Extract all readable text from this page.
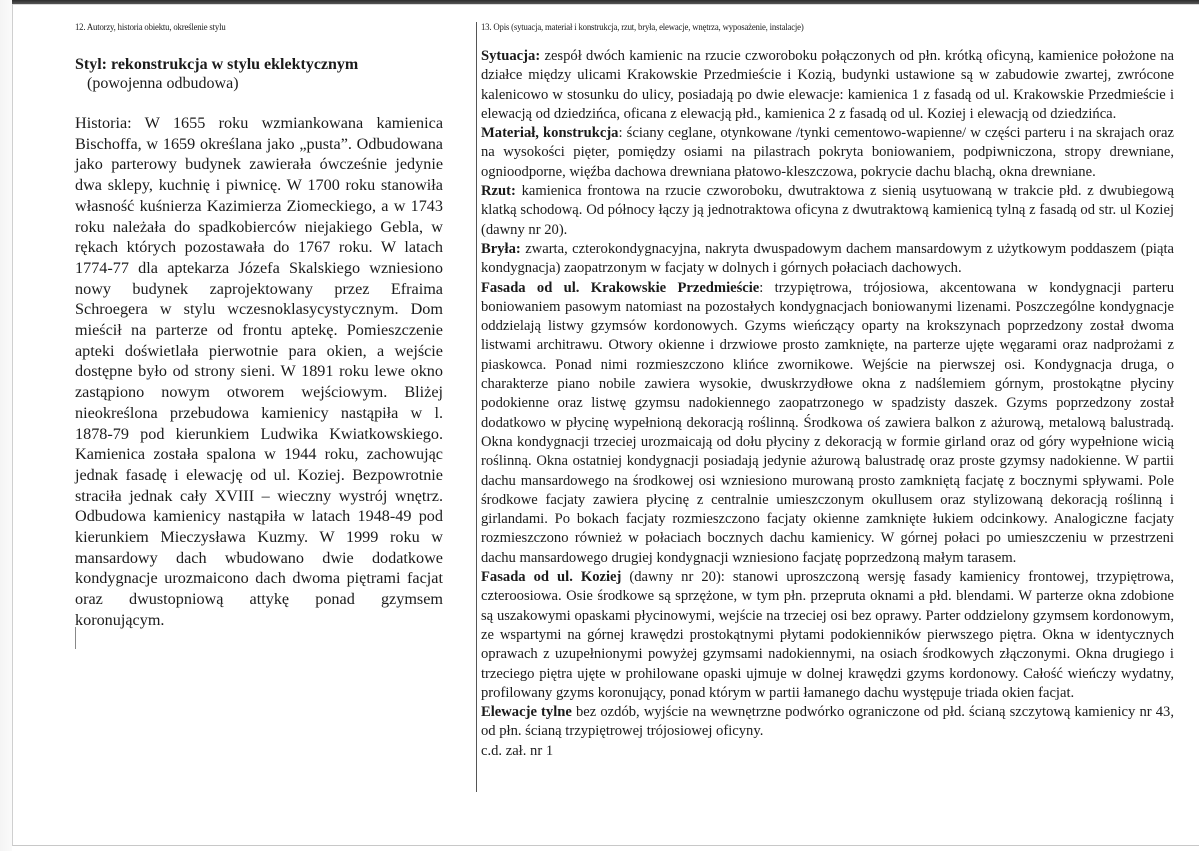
12. Autorzy, historia obiektu, określenie stylu
Styl: rekonstrukcja w stylu eklektycznym
(powojenna odbudowa)
Historia: W 1655 roku wzmiankowana kamienica Bischoffa, w 1659 określana jako „pusta”. Odbudowana jako parterowy budynek zawierała ówcześnie jedynie dwa sklepy, kuchnię i piwnicę. W 1700 roku stanowiła własność kuśnierza Kazimierza Ziomeckiego, a w 1743 roku należała do spadkobierców niejakiego Gebla, w rękach których pozostawała do 1767 roku. W latach 1774-77 dla aptekarza Józefa Skalskiego wzniesiono nowy budynek zaprojektowany przez Efraima Schroegera w stylu wczesnoklasycystycznym. Dom mieścił na parterze od frontu aptekę. Pomieszczenie apteki doświetlała pierwotnie para okien, a wejście dostępne było od strony sieni. W 1891 roku lewe okno zastąpiono nowym otworem wejściowym. Bliżej nieokreślona przebudowa kamienicy nastąpiła w l. 1878-79 pod kierunkiem Ludwika Kwiatkowskiego. Kamienica została spalona w 1944 roku, zachowując jednak fasadę i elewację od ul. Koziej. Bezpowrotnie straciła jednak cały XVIII – wieczny wystrój wnętrz. Odbudowa kamienicy nastąpiła w latach 1948-49 pod kierunkiem Mieczysława Kuzmy. W 1999 roku w mansardowy dach wbudowano dwie dodatkowe kondygnacje urozmaicono dach dwoma piętrami facjat oraz dwustopniową attykę ponad gzymsem koronującym.
13. Opis (sytuacja, materiał i konstrukcja, rzut, bryła, elewacje, wnętrza, wyposażenie, instalacje)

Sytuacja: zespół dwóch kamienic na rzucie czworoboku połączonych od płn. krótką oficyną, kamienice położone na działce między ulicami Krakowskie Przedmieście i Kozią, budynki ustawione są w zabudowie zwartej, zwrócone kalenicowo w stosunku do ulicy, posiadają po dwie elewacje: kamienica 1 z fasadą od ul. Krakowskie Przedmieście i elewacją od dziedzińca, oficana z elewacją płd., kamienica 2 z fasadą od ul. Koziej i elewacją od dziedzińca.

Materiał, konstrukcja: ściany ceglane, otynkowane /tynki cementowo-wapienne/ w części parteru i na skrajach oraz na wysokości pięter, pomiędzy osiami na pilastrach pokryta boniowaniem, podpiwniczona, stropy drewniane, ognioodporne, więźba dachowa drewniana płatowo-kleszczowa, pokrycie dachu blachą, okna drewniane.

Rzut: kamienica frontowa na rzucie czworoboku, dwutraktowa z sienią usytuowaną w trakcie płd. z dwubiegową klatką schodową. Od północy łączy ją jednotraktowa oficyna z dwutraktową kamienicą tylną z fasadą od str. ul Koziej (dawny nr 20).

Bryła: zwarta, czterokondygnacyjna, nakryta dwuspadowym dachem mansardowym z użytkowym poddaszem (piąta kondygnacja) zaopatrzonym w facjaty w dolnych i górnych połaciach dachowych.

Fasada od ul. Krakowskie Przedmieście: trzypiętrowa, trójosiowa, akcentowana w kondygnacji parteru boniowaniem pasowym natomiast na pozostałych kondygnacjach boniowanymi lizenami. Poszczególne kondygnacje oddzielają listwy gzymsów kordonowych. Gzyms wieńczący oparty na krokszynach poprzedzony został dwoma listwami architrawu. Otwory okienne i drzwiowe prosto zamknięte, na parterze ujęte węgarami oraz nadprożami z piaskowca. Ponad nimi rozmieszczono klińce zwornikowe. Wejście na pierwszej osi. Kondygnacja druga, o charakterze piano nobile zawiera wysokie, dwuskrzydłowe okna z nadślemiem górnym, prostokątne płyciny podokienne oraz listwę gzymsu nadokiennego zaopatrzonego w spadzisty daszek. Gzyms poprzedzony został dodatkowo w płycinę wypełnioną dekoracją roślinną. Środkowa oś zawiera balkon z ażurową, metalową balustradą. Okna kondygnacji trzeciej urozmaicają od dołu płyciny z dekoracją w formie girland oraz od góry wypełnione wicią roślinną. Okna ostatniej kondygnacji posiadają jedynie ażurową balustradę oraz proste gzymsy nadokienne. W partii dachu mansardowego na środkowej osi wzniesiono murowaną prosto zamkniętą facjatę z bocznymi spływami. Pole środkowe facjaty zawiera płycinę z centralnie umieszczonym okullusem oraz stylizowaną dekoracją roślinną i girlandami. Po bokach facjaty rozmieszczono facjaty okienne zamknięte łukiem odcinkowy. Analogiczne facjaty rozmieszczono również w połaciach bocznych dachu kamienicy. W górnej połaci po umieszczeniu w przestrzeni dachu mansardowego drugiej kondygnacji wzniesiono facjatę poprzedzoną małym tarasem.

Fasada od ul. Koziej (dawny nr 20): stanowi uproszczoną wersję fasady kamienicy frontowej, trzypiętrowa, czteroosiowa. Osie środkowe są sprzężone, w tym płn. przepruta oknami a płd. blendami. W parterze okna zdobione są uszakowymi opaskami płycinowymi, wejście na trzeciej osi bez oprawy. Parter oddzielony gzymsem kordonowym, ze wspartymi na górnej krawędzi prostokątnymi płytami podokienników pierwszego piętra. Okna w identycznych oprawach z uzupełnionymi powyżej gzymsami nadokiennymi, na osiach środkowych złączonymi. Okna drugiego i trzeciego piętra ujęte w prohilowane opaski ujmuje w dolnej krawędzi gzyms kordonowy. Całość wieńczy wydatny, profilowany gzyms koronujący, ponad którym w partii łamanego dachu występuje triada okien facjat.

Elewacje tylne bez ozdób, wyjście na wewnętrzne podwórko ograniczone od płd. ścianą szczytową kamienicy nr 43, od płn. ścianą trzypiętrowej trójosiowej oficyny.

c.d. zał. nr 1
